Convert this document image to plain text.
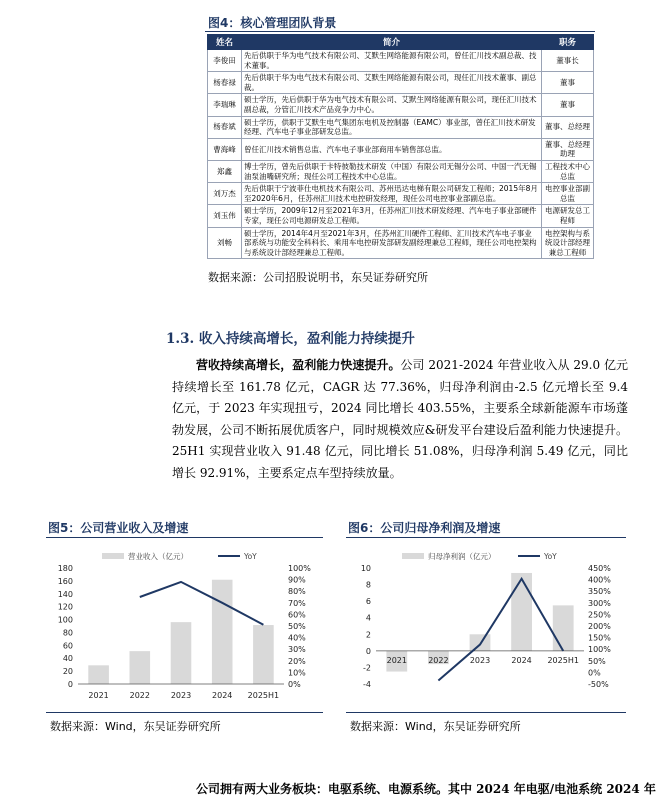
图4：核心管理团队背景
姓名	简介	职务
李俊田	先后供职于华为电气技术有限公司、艾默生网络能源有限公司，曾任汇川技术副总裁、技术董事。	董事长
杨春禄	先后供职于华为电气技术有限公司、艾默生网络能源有限公司，现任汇川技术董事、副总裁。	董事
李瑞琳	硕士学历，先后供职于华为电气技术有限公司、艾默生网络能源有限公司，现任汇川技术副总裁，分管汇川技术产品竞争力中心。	董事
杨春斌	硕士学历，供职于艾默生电气集团东电机及控制器（EAMC）事业部，曾任汇川技术研发经理、汽车电子事业部研发总监。	董事、总经理
曹海峰	曾任汇川技术销售总监、汽车电子事业部商用车销售部总监。	董事、总经理助理
郑鑫	博士学历，曾先后供职于卡特彼勒技术研发（中国）有限公司无锡分公司、中国一汽无锡油泵油嘴研究所；现任公司工程技术中心总监。	工程技术中心总监
刘万杰	先后供职于宁波菲仕电机技术有限公司、苏州迅达电梯有限公司研发工程师；2015年8月至2020年6月，任苏州汇川技术电控研发经理，现任公司电控事业部副总监。	电控事业部副总监
刘玉伟	硕士学历，2009年12月至2021年3月，任苏州汇川技术研发经理、汽车电子事业部硬件专家，现任公司电源研发总工程师。	电源研发总工程师
刘畅	硕士学历，2014年4月至2021年3月，任苏州汇川硬件工程师、汇川技术汽车电子事业部系统与功能安全科科长、乘用车电控研发部研发副经理兼总工程师，现任公司电控架构与系统设计部经理兼总工程师。	电控架构与系统设计部经理兼总工程师
数据来源：公司招股说明书，东吴证券研究所
1.3. 收入持续高增长，盈利能力持续提升
营收持续高增长，盈利能力快速提升。公司 2021-2024 年营业收入从 29.0 亿元持续增长至 161.78 亿元，CAGR 达 77.36%，归母净利润由-2.5 亿元增长至 9.4 亿元，于 2023 年实现扭亏，2024 同比增长 403.55%，主要系全球新能源车市场蓬勃发展，公司不断拓展优质客户，同时规模效应&研发平台建设后盈利能力快速提升。25H1 实现营业收入 91.48 亿元，同比增长 51.08%，归母净利润 5.49 亿元，同比增长 92.91%，主要系定点车型持续放量。
图5：公司营业收入及增速
营业收入（亿元）	YoY
0
20
40
60
80
100
120
140
160
180
0%
10%
20%
30%
40%
50%
60%
70%
80%
90%
100%
2021	2022	2023	2024 2025H1
数据来源：Wind，东吴证券研究所
图6：公司归母净利润及增速
归母净利润（亿元）	YoY
-4
-2
0
2
4
6
8
10
-50%
0%
50%
100%
150%
200%
250%
300%
350%
400%
450%
2021	2022	2023	2024 2025H1
数据来源：Wind，东吴证券研究所
公司拥有两大业务板块：电驱系统、电源系统。其中 2024 年电驱/电池系统 2024 年
